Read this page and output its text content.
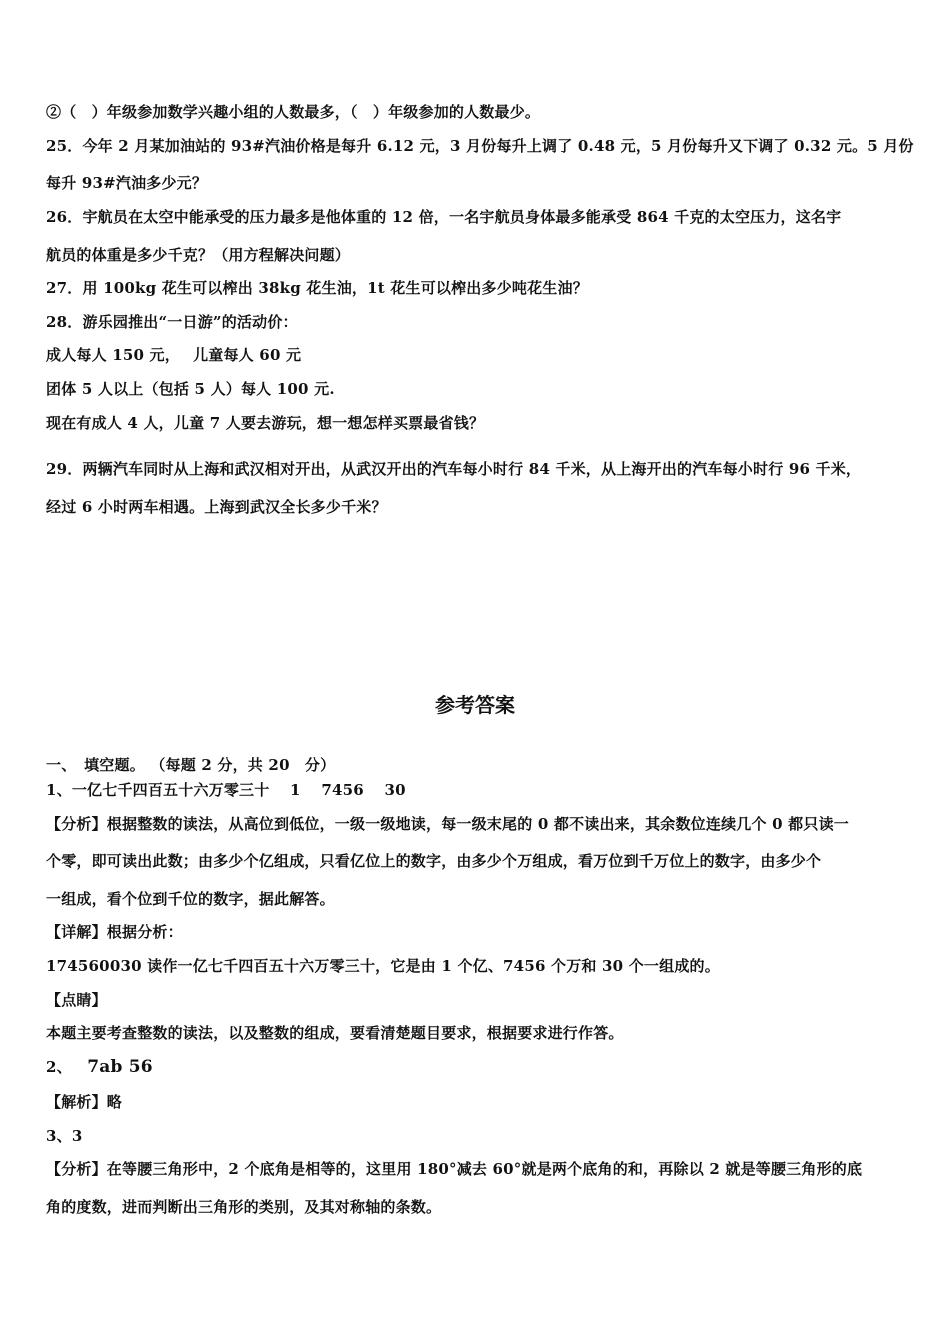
②（　）年级参加数学兴趣小组的人数最多，（　）年级参加的人数最少。
25．今年 2 月某加油站的 93#汽油价格是每升 6.12 元，3 月份每升上调了 0.48 元，5 月份每升又下调了 0.32 元。5 月份
每升 93#汽油多少元？
26．宇航员在太空中能承受的压力最多是他体重的 12 倍，一名宇航员身体最多能承受 864 千克的太空压力，这名宇
航员的体重是多少千克？（用方程解决问题）
27．用 100kg 花生可以榨出 38kg 花生油，1t 花生可以榨出多少吨花生油？
28．游乐园推出“一日游”的活动价：
成人每人 150 元，　 儿童每人 60 元
团体 5 人以上（包括 5 人）每人 100 元.
现在有成人 4 人，儿童 7 人要去游玩，想一想怎样买票最省钱？
29．两辆汽车同时从上海和武汉相对开出，从武汉开出的汽车每小时行 84 千米，从上海开出的汽车每小时行 96 千米，
经过 6 小时两车相遇。上海到武汉全长多少千米？
参考答案
一、　填空题。 （每题 2 分，共 20　分）
1、一亿七千四百五十六万零三十　 1　 7456　 30
【分析】根据整数的读法，从高位到低位，一级一级地读，每一级末尾的 0 都不读出来，其余数位连续几个 0 都只读一
个零，即可读出此数；由多少个亿组成，只看亿位上的数字，由多少个万组成，看万位到千万位上的数字，由多少个
一组成，看个位到千位的数字，据此解答。
【详解】根据分析：
174560030 读作一亿七千四百五十六万零三十，它是由 1 个亿、7456 个万和 30 个一组成的。
【点睛】
本题主要考查整数的读法，以及整数的组成，要看清楚题目要求，根据要求进行作答。
2、 7ab 56
【解析】略
3、3
【分析】在等腰三角形中，2 个底角是相等的，这里用 180°减去 60°就是两个底角的和，再除以 2 就是等腰三角形的底
角的度数，进而判断出三角形的类别，及其对称轴的条数。
